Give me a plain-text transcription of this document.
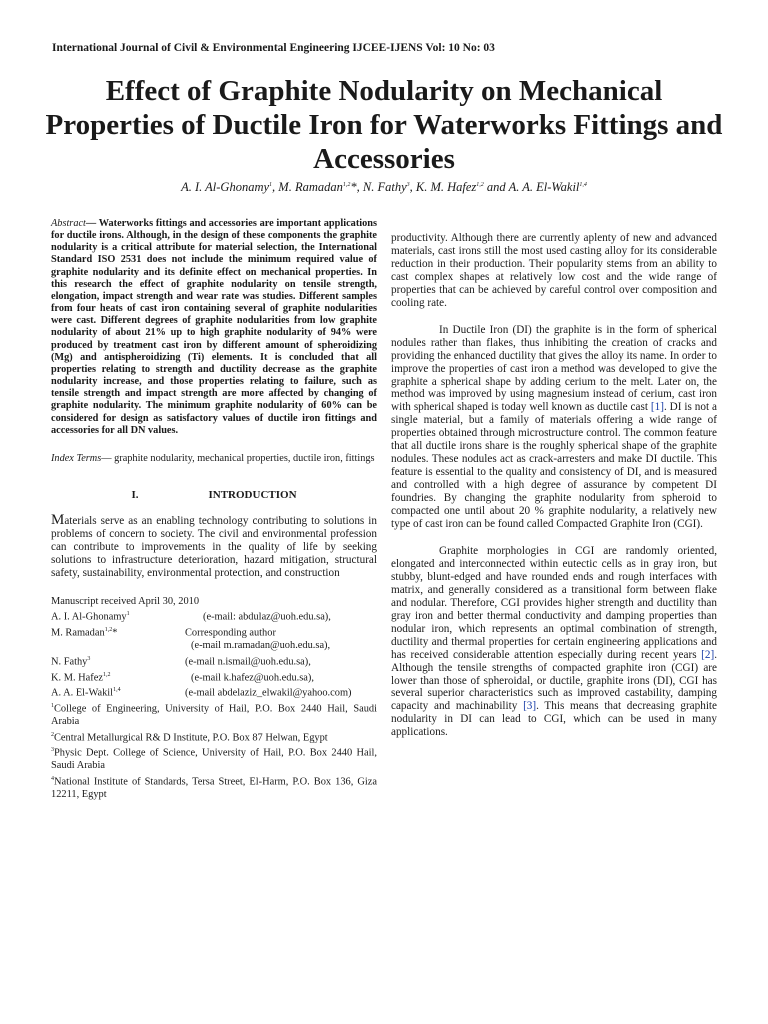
International Journal of Civil & Environmental Engineering IJCEE-IJENS Vol: 10 No: 03
Effect of Graphite Nodularity on Mechanical Properties of Ductile Iron for Waterworks Fittings and Accessories
A. I. Al-Ghonamy$^1$, M. Ramadan$^{1,2}$*, N. Fathy$^3$, K. M. Hafez$^{1,2}$ and A. A. El-Wakil$^{1,4}$

Abstract— Waterworks fittings and accessories are important applications for ductile irons. Although, in the design of these components the graphite nodularity is a critical attribute for material selection, the International Standard ISO 2531 does not include the minimum required value of graphite nodularity and its definite effect on mechanical properties. In this research the effect of graphite nodularity on tensile strength, elongation, impact strength and wear rate was studies. Different samples from four heats of cast iron containing several of graphite nodularities were cast. Different degrees of graphite nodularities from low graphite nodularity of about 21% up to high graphite nodularity of 94% were produced by treatment cast iron by different amount of spheroidizing (Mg) and antispheroidizing (Ti) elements. It is concluded that all properties relating to strength and ductility decrease as the graphite nodularity increase, and those properties relating to failure, such as tensile strength and impact strength are more affected by changing of graphite nodularity. The minimum graphite nodularity of 60% can be considered for design as satisfactory values of ductile iron fittings and accessories for all DN values.

Index Terms— graphite nodularity, mechanical properties, ductile iron, fittings

I.	INTRODUCTION

Materials serve as an enabling technology contributing to solutions in problems of concern to society. The civil and environmental profession can contribute to improvements in the quality of life by seeking solutions to infrastructure deterioration, hazard mitigation, structural safety, sustainability, environmental protection, and construction

Manuscript received April 30, 2010
A. I. Al-Ghonamy$^1$	(e-mail: abdulaz@uoh.edu.sa),
M. Ramadan$^{1,2}$*	Corresponding author
(e-mail m.ramadan@uoh.edu.sa),
N. Fathy$^3$	(e-mail n.ismail@uoh.edu.sa),
K. M. Hafez$^{1,2}$	(e-mail k.hafez@uoh.edu.sa),
A. A. El-Wakil$^{1,4}$	(e-mail abdelaziz_elwakil@yahoo.com)
$^1$College of Engineering, University of Hail, P.O. Box 2440 Hail, Saudi Arabia
$^2$Central Metallurgical R& D Institute, P.O. Box 87 Helwan, Egypt
$^3$Physic Dept. College of Science, University of Hail, P.O. Box 2440 Hail, Saudi Arabia
$^4$National Institute of Standards, Tersa Street, El-Harm, P.O. Box 136, Giza 12211, Egypt

productivity. Although there are currently aplenty of new and advanced materials, cast irons still the most used casting alloy for its considerable reduction in their production. Their popularity stems from an ability to cast complex shapes at relatively low cost and the wide range of properties that can be achieved by careful control over composition and cooling rate.

In Ductile Iron (DI) the graphite is in the form of spherical nodules rather than flakes, thus inhibiting the creation of cracks and providing the enhanced ductility that gives the alloy its name. In order to improve the properties of cast iron a method was developed to give the graphite a spherical shape by adding cerium to the melt. Later on, the method was improved by using magnesium instead of cerium, cast iron with spherical shaped is today well known as ductile cast [1]. DI is not a single material, but a family of materials offering a wide range of properties obtained through microstructure control. The common feature that all ductile irons share is the roughly spherical shape of the graphite nodules. These nodules act as crack-arresters and make DI ductile. This feature is essential to the quality and consistency of DI, and is measured and controlled with a high degree of assurance by competent DI foundries. By changing the graphite nodularity from spheroid to compacted one until about 20 % graphite nodularity, a relatively new type of cast iron can be found called Compacted Graphite Iron (CGI).

Graphite morphologies in CGI are randomly oriented, elongated and interconnected within eutectic cells as in gray iron, but stubby, blunt-edged and have rounded ends and rough interfaces with matrix, and generally considered as a transitional form between flake and nodular. Therefore, CGI provides higher strength and ductility than gray iron and better thermal conductivity and damping properties than nodular iron, which represents an optimal combination of strength, ductility and thermal properties for certain engineering applications and has received considerable attention especially during recent years [2]. Although the tensile strengths of compacted graphite iron (CGI) are lower than those of spheroidal, or ductile, graphite irons (DI), CGI has several superior characteristics such as improved castability, damping capacity and machinability [3]. This means that decreasing graphite nodularity in DI can lead to CGI, which can be used in many applications.
